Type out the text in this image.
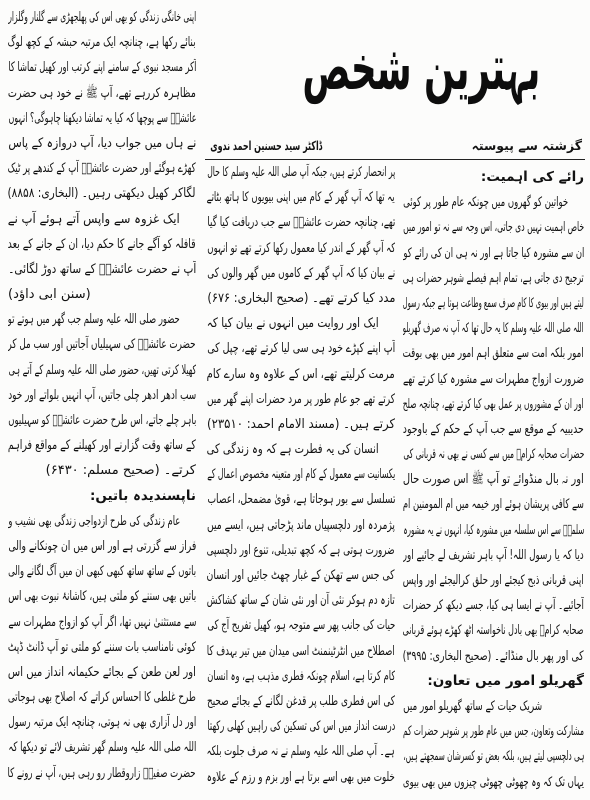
بہترین شخص
ڈاکٹر سید حسنین احمد ندوی	گزشتہ سے پیوستہ
رائے کی اہمیت:
خواتین کو گھروں میں چونکہ عام طور پر کوئی
خاص اہمیت نہیں دی جاتی، اس وجہ سے نہ تو امور میں
ان سے مشورہ کیا جاتا ہے اور نہ ہی ان کی رائے کو
ترجیح دی جاتی ہے، تمام اہم فیصلے شوہر حضرات ہی
لیتے ہیں اور بیوی کا کام صرف سمع وطاعت ہوتا ہے جبکہ رسول
اللہ صلی اللہ علیہ وسلم کا یہ حال تھا کہ آپ نہ صرف گھریلو
امور بلکہ امت سے متعلق اہم امور میں بھی بوقت
ضرورت ازواج مطہرات سے مشورہ کیا کرتے تھے
اور ان کے مشوروں پر عمل بھی کیا کرتے تھے، چنانچہ صلح
حدیبیہ کے موقع سے جب آپ کے حکم کے باوجود
حضرات صحابہ کرامؓ میں سے کسی نے بھی نہ قربانی کی
اور نہ بال منڈوائے تو آپ ﷺ اس صورت حال
سے کافی پریشان ہوئے اور خیمہ میں ام المومنین ام
سلمہؓ سے اس سلسلہ میں مشورہ کیا، انہوں نے یہ مشورہ
دیا کہ یا رسول اللہ! آپ باہر تشریف لے جائیے اور
اپنی قربانی ذبح کیجئے اور حلق کرالیجئے اور واپس
آجائیے۔ آپ نے ایسا ہی کیا، جسے دیکھ کر حضرات
صحابہ کرامؓ بھی بادل ناخواستہ اٹھ کھڑے ہوئے قربانی
کی اور پھر بال منڈائے۔ (صحیح البخاری: ۳۹۹۵)
گھریلو امور میں تعاون:
شریک حیات کے ساتھ گھریلو امور میں
مشارکت وتعاون، جس میں عام طور پر شوہر حضرات کم
ہی دلچسپی لیتے ہیں، بلکہ بعض تو کسرشان سمجھتے ہیں،
یہاں تک کہ وہ چھوٹی چھوٹی چیزوں میں بھی بیوی
پر انحصار کرتے ہیں، جبکہ آپ صلی اللہ علیہ وسلم کا حال
یہ تھا کہ آپ گھر کے کام میں اپنی بیویوں کا ہاتھ بٹاتے
تھے، چنانچہ حضرت عائشہؓ سے جب دریافت کیا گیا
کہ آپ گھر کے اندر کیا معمول رکھا کرتے تھے تو انہوں
نے بیان کیا کہ آپ گھر کے کاموں میں گھر والوں کی
مدد کیا کرتے تھے۔ (صحیح البخاری: ۶۷۶)
ایک اور روایت میں انہوں نے بیان کیا کہ
آپ اپنے کپڑے خود ہی سی لیا کرتے تھے، چپل کی
مرمت کرلیتے تھے، اس کے علاوہ وہ سارے کام
کرتے تھے جو عام طور پر مرد حضرات اپنے گھر میں
کرتے ہیں۔ (مسند الامام احمد: ۲۳۵۱۰)
انسان کی یہ فطرت ہے کہ وہ زندگی کی
یکسانیت سے معمول کے کام اور متعینہ مخصوص اعمال کے
تسلسل سے بور ہوجاتا ہے، قویٰ مضمحل، اعصاب
پژمردہ اور دلچسپیاں ماند پڑجاتی ہیں، ایسے میں
ضرورت ہوتی ہے کہ کچھ تبدیلی، تنوع اور دلچسپی
کی جس سے تھکن کے غبار چھٹ جائیں اور انسان
تازہ دم ہوکر نئی آن اور نئی شان کے ساتھ کشاکش
حیات کی جانب پھر سے متوجہ ہو، کھیل تفریح آج کی
اصطلاح میں انٹرٹینمنٹ اسی میدان میں تیر بہدف کا
کام کرتا ہے، اسلام چونکہ فطری مذہب ہے، وہ انسان
کی اس فطری طلب پر قدغن لگانے کے بجائے صحیح
درست انداز میں اس کی تسکین کی راہیں کھلی رکھتا
ہے۔ آپ صلی اللہ علیہ وسلم نے نہ صرف جلوت بلکہ
خلوت میں بھی اسے برتا ہے اور بزم و رزم کے علاوہ
اپنی خانگی زندگی کو بھی اس کی پھلجھڑی سے گلنار وگلزار
بنائے رکھا ہے، چنانچہ ایک مرتبہ حبشہ کے کچھ لوگ
آکر مسجد نبوی کے سامنے اپنے کرتب اور کھیل تماشا کا
مظاہرہ کررہے تھے، آپ ﷺ نے خود ہی حضرت
عائشہؓ سے پوچھا کہ کیا یہ تماشا دیکھنا چاہوگی؟ انہوں
نے ہاں میں جواب دیا، آپ دروازہ کے پاس
کھڑے ہوگئے اور حضرت عائشہؓ آپ کے کندھے پر ٹیک
لگاکر کھیل دیکھتی رہیں۔ (البخاری: ۸۸۵۸)
ایک غزوہ سے واپس آتے ہوئے آپ نے
قافلہ کو آگے جانے کا حکم دیا، ان کے جانے کے بعد
آپ نے حضرت عائشہؓ کے ساتھ دوڑ لگائی۔
(سنن ابی داؤد)
حضور صلی اللہ علیہ وسلم جب گھر میں ہوتے تو
حضرت عائشہؓ کی سہیلیاں آجاتیں اور سب مل کر
کھیلا کرتی تھیں، حضور صلی اللہ علیہ وسلم کے آتے ہی
سب ادھر ادھر چلی جاتیں، آپ انہیں بلواتے اور خود
باہر چلے جاتے، اس طرح حضرت عائشہؓ کو سہیلیوں
کے ساتھ وقت گزارنے اور کھیلنے کے مواقع فراہم
کرتے۔ (صحیح مسلم: ۶۴۳۰)
ناپسندیدہ باتیں:
عام زندگی کی طرح ازدواجی زندگی بھی نشیب و
فراز سے گزرتی ہے اور اس میں ان چونکانے والی
باتوں کے ساتھ ساتھ کبھی کبھی ان میں آگ لگانے والی
باتیں بھی سننے کو ملتی ہیں، کاشانۂ نبوت بھی اس
سے مستثنیٰ نہیں تھا، اگر آپ کو ازواج مطہرات سے
کوئی نامناسب بات سننے کو ملتی تو آپ ڈانٹ ڈپٹ
اور لعن طعن کے بجائے حکیمانہ انداز میں اس
طرح غلطی کا احساس کراتے کہ اصلاح بھی ہوجاتی
اور دل آزاری بھی نہ ہوتی، چنانچہ ایک مرتبہ رسول
اللہ صلی اللہ علیہ وسلم گھر تشریف لائے تو دیکھا کہ
حضرت صفیہؓ زاروقطار رو رہی ہیں، آپ نے رونے کا
